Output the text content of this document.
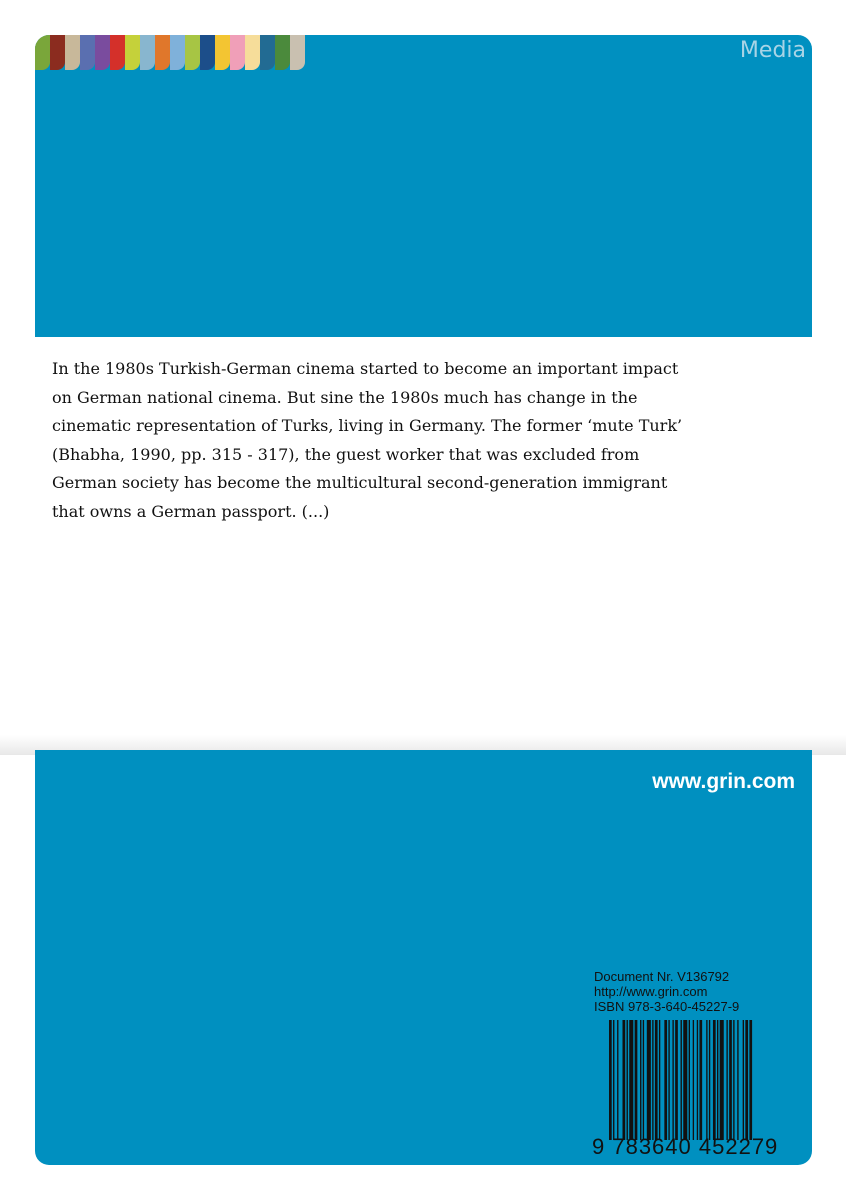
Media
In the 1980s Turkish-German cinema started to become an important impact
on German national cinema. But sine the 1980s much has change in the
cinematic representation of Turks, living in Germany. The former ‘mute Turk’
(Bhabha, 1990, pp. 315 - 317), the guest worker that was excluded from
German society has become the multicultural second-generation immigrant
that owns a German passport. (...)
www.grin.com
Document Nr. V136792
http://www.grin.com
ISBN 978-3-640-45227-9
9 783640 452279
